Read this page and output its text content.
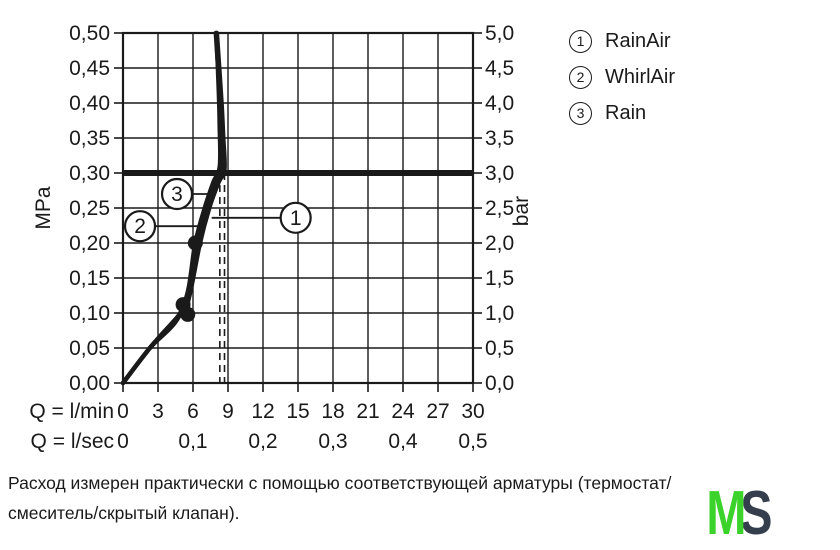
2
3
1
0,00
0,05
0,10
0,15
0,20
0,25
0,30
0,35
0,40
0,45
0,50
0,0
0,5
1,0
1,5
2,0
2,5
3,0
3,5
4,0
4,5
5,0
0 3 6 9 12 15 18 21 24 27 30
0 0,1 0,2 0,3 0,4 0,5
MPa	bar
Q = l/min
Q = l/sec
1	RainAir
2	WhirlAir
3	Rain
Расход измерен практически с помощью соответствующей арматуры (термостат/
смеситель/скрытый клапан).	MS
